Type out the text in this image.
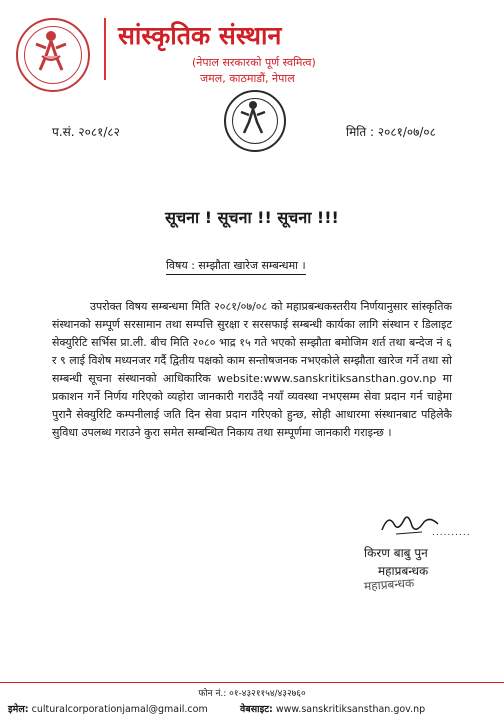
सांस्कृतिक संस्थान
(नेपाल सरकारको पूर्ण स्वमित्व)
जमल, काठमाडौं, नेपाल
प.सं. २०८१/८२	मिति : २०८१/०७/०८
सूचना ! सूचना !! सूचना !!!
विषय : सम्झौता खारेज सम्बन्धमा ।
उपरोक्त विषय सम्बन्धमा मिति २०८१/०७/०८ को महाप्रबन्धकस्तरीय निर्णयानुसार सांस्कृतिक संस्थानको सम्पूर्ण सरसामान तथा सम्पत्ति सुरक्षा र सरसफाई सम्बन्धी कार्यका लागि संस्थान र डिलाइट सेक्युरिटि सर्भिस प्रा.ली. बीच मिति २०८० भाद्र १५ गते भएको सम्झौता बमोजिम शर्त तथा बन्देज नं ६ र ९ लाई विशेष मध्यनजर गर्दै द्वितीय पक्षको काम सन्तोषजनक नभएकोले सम्झौता खारेज गर्ने तथा सो सम्बन्धी सूचना संस्थानको आधिकारिक website:www.sanskritiksansthan.gov.np मा प्रकाशन गर्ने निर्णय गरिएको व्यहोरा जानकारी गराउँदै नयाँ व्यवस्था नभएसम्म सेवा प्रदान गर्न चाहेमा पुरानै सेक्युरिटि कम्पनीलाई जति दिन सेवा प्रदान गरिएको हुन्छ, सोही आधारमा संस्थानबाट पहिलेकै सुविधा उपलब्ध गराउने कुरा समेत सम्बन्धित निकाय तथा सम्पूर्णमा जानकारी गराइन्छ ।
..........
किरण बाबु पुन
महाप्रबन्धक
महाप्रबन्धक
फोन नं.: ०१-४३२११५४/४३२७६०
इमेल: culturalcorporationjamal@gmail.com	वेबसाइट: www.sanskritiksansthan.gov.np
